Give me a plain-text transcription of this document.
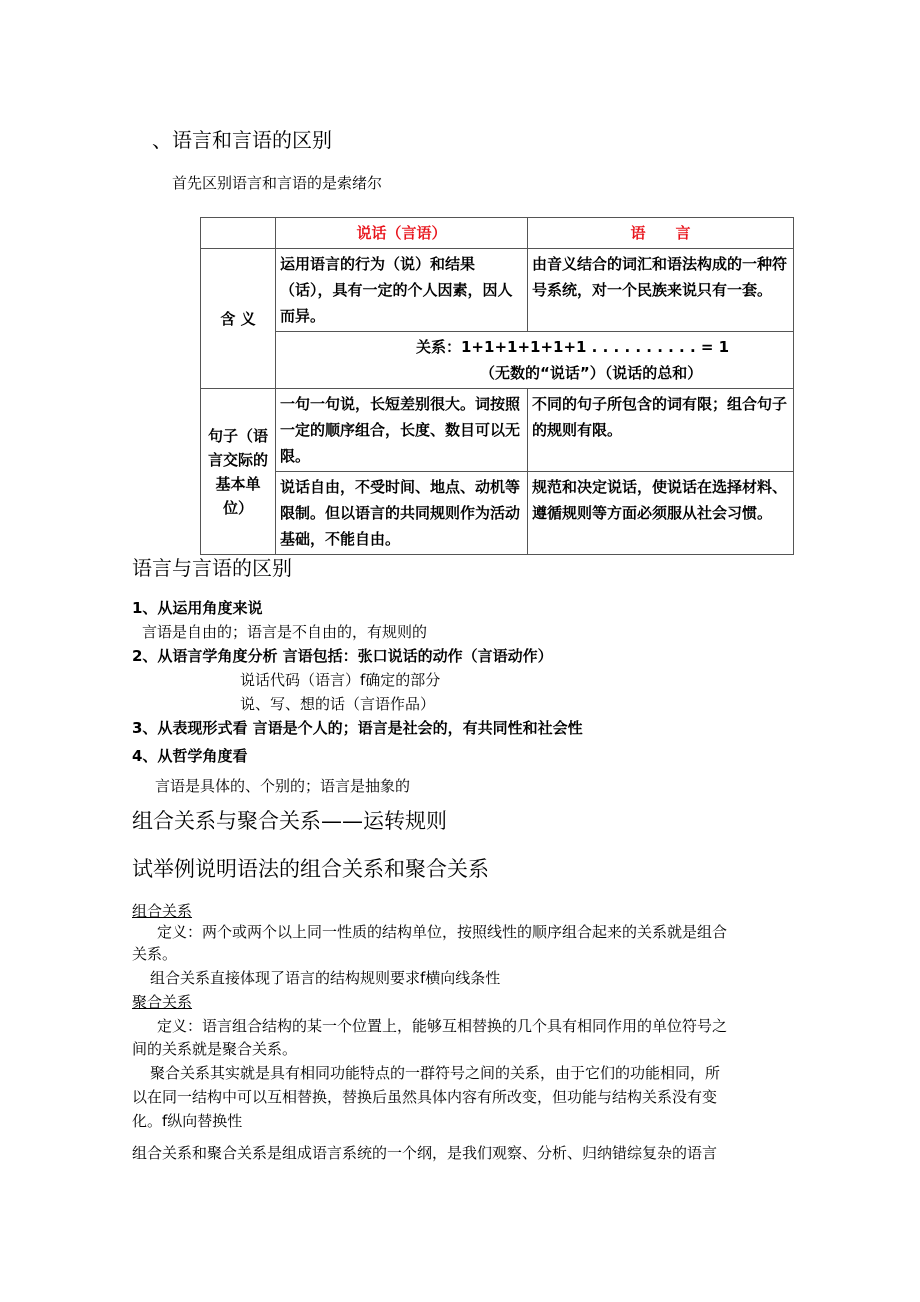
、语言和言语的区别
首先区别语言和言语的是索绪尔
	说话（言语）	语　　言
含 义	运用语言的行为（说）和结果（话），具有一定的个人因素，因人而异。	由音义结合的词汇和语法构成的一种符号系统，对一个民族来说只有一套。

	关系：1+1+1+1+1+1 . . . . . . . . . . = 1
（无数的“说话”）（说话的总和）	

句子（语言交际的基本单位）	一句一句说，长短差别很大。词按照一定的顺序组合，长度、数目可以无限。	不同的句子所包含的词有限；组合句子的规则有限。
	说话自由，不受时间、地点、动机等限制。但以语言的共同规则作为活动基础，不能自由。	规范和决定说话，使说话在选择材料、遵循规则等方面必须服从社会习惯。
语言与言语的区别
1、从运用角度来说
言语是自由的；语言是不自由的，有规则的
2、从语言学角度分析 言语包括：张口说话的动作（言语动作）
说话代码（语言）f确定的部分
说、写、想的话（言语作品）
3、从表现形式看 言语是个人的；语言是社会的，有共同性和社会性
4、从哲学角度看
言语是具体的、个别的；语言是抽象的
组合关系与聚合关系——运转规则
试举例说明语法的组合关系和聚合关系
组合关系
定义：两个或两个以上同一性质的结构单位，按照线性的顺序组合起来的关系就是组合
关系。
组合关系直接体现了语言的结构规则要求f横向线条性
聚合关系
定义：语言组合结构的某一个位置上，能够互相替换的几个具有相同作用的单位符号之
间的关系就是聚合关系。
聚合关系其实就是具有相同功能特点的一群符号之间的关系，由于它们的功能相同，所
以在同一结构中可以互相替换，替换后虽然具体内容有所改变，但功能与结构关系没有变
化。f纵向替换性
组合关系和聚合关系是组成语言系统的一个纲，是我们观察、分析、归纳错综复杂的语言
